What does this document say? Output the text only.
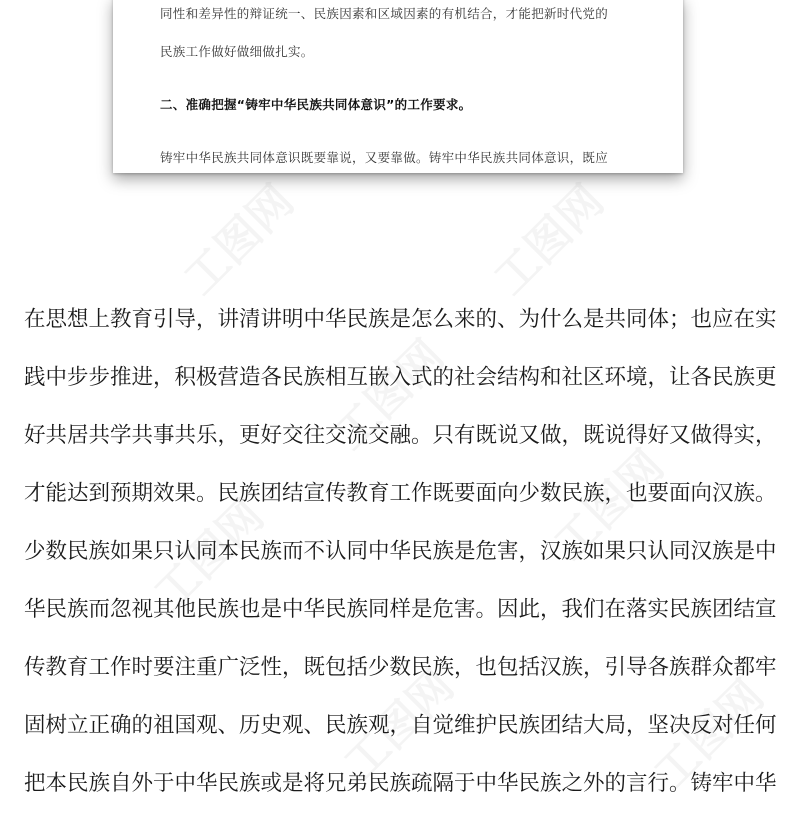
同性和差异性的辩证统一、民族因素和区域因素的有机结合，才能把新时代党的

民族工作做好做细做扎实。

二、准确把握“铸牢中华民族共同体意识”的工作要求。

铸牢中华民族共同体意识既要靠说，又要靠做。铸牢中华民族共同体意识，既应

在思想上教育引导，讲清讲明中华民族是怎么来的、为什么是共同体；也应在实

践中步步推进，积极营造各民族相互嵌入式的社会结构和社区环境，让各民族更

好共居共学共事共乐，更好交往交流交融。只有既说又做，既说得好又做得实，

才能达到预期效果。民族团结宣传教育工作既要面向少数民族，也要面向汉族。

少数民族如果只认同本民族而不认同中华民族是危害，汉族如果只认同汉族是中

华民族而忽视其他民族也是中华民族同样是危害。因此，我们在落实民族团结宣

传教育工作时要注重广泛性，既包括少数民族，也包括汉族，引导各族群众都牢

固树立正确的祖国观、历史观、民族观，自觉维护民族团结大局，坚决反对任何

把本民族自外于中华民族或是将兄弟民族疏隔于中华民族之外的言行。铸牢中华
